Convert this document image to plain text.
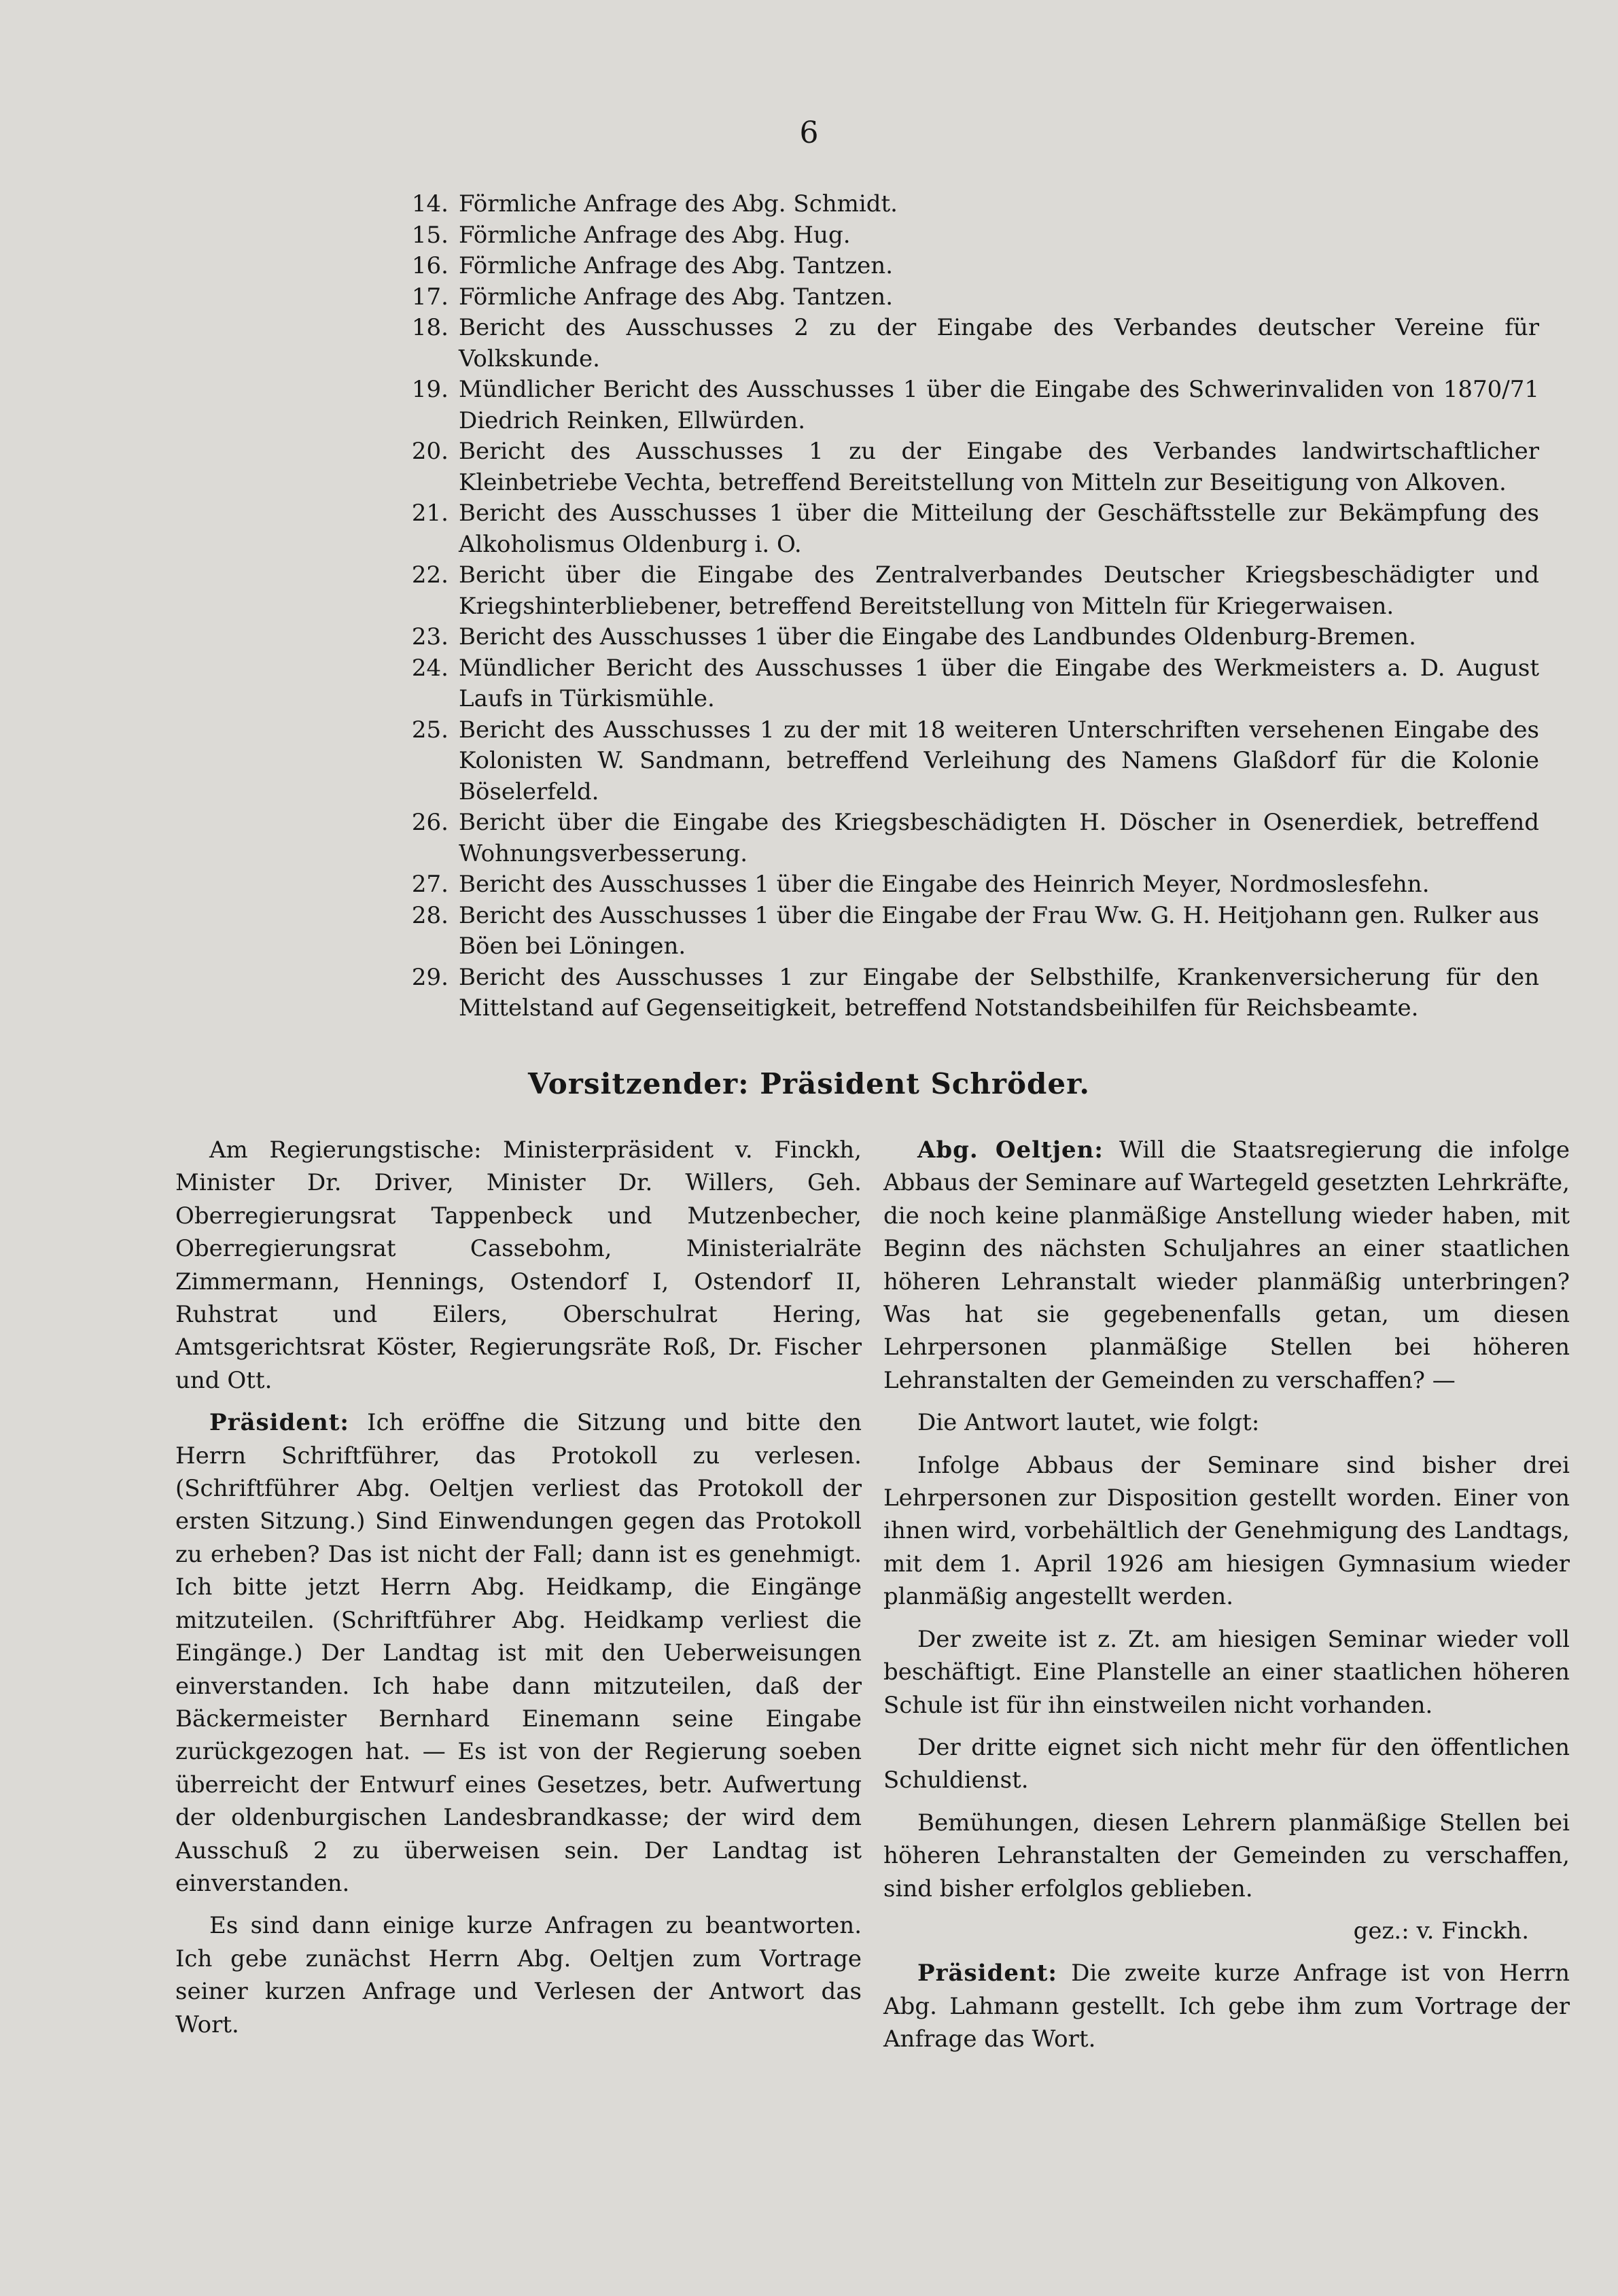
6
14. Förmliche Anfrage des Abg. Schmidt.
15. Förmliche Anfrage des Abg. Hug.
16. Förmliche Anfrage des Abg. Tantzen.
17. Förmliche Anfrage des Abg. Tantzen.
18. Bericht des Ausschusses 2 zu der Eingabe des Verbandes deutscher Vereine für Volkskunde.
19. Mündlicher Bericht des Ausschusses 1 über die Eingabe des Schwerinvaliden von 1870/71 Diedrich Reinken, Ellwürden.
20. Bericht des Ausschusses 1 zu der Eingabe des Verbandes landwirtschaftlicher Kleinbetriebe Vechta, betreffend Bereitstellung von Mitteln zur Beseitigung von Alkoven.
21. Bericht des Ausschusses 1 über die Mitteilung der Geschäftsstelle zur Bekämpfung des Alkoholismus Oldenburg i. O.
22. Bericht über die Eingabe des Zentralverbandes Deutscher Kriegsbeschädigter und Kriegshinterbliebener, betreffend Bereitstellung von Mitteln für Kriegerwaisen.
23. Bericht des Ausschusses 1 über die Eingabe des Landbundes Oldenburg-Bremen.
24. Mündlicher Bericht des Ausschusses 1 über die Eingabe des Werkmeisters a. D. August Laufs in Türkismühle.
25. Bericht des Ausschusses 1 zu der mit 18 weiteren Unterschriften versehenen Eingabe des Kolonisten W. Sandmann, betreffend Verleihung des Namens Glaßdorf für die Kolonie Böselerfeld.
26. Bericht über die Eingabe des Kriegsbeschädigten H. Döscher in Osenerdiek, betreffend Wohnungsverbesserung.
27. Bericht des Ausschusses 1 über die Eingabe des Heinrich Meyer, Nordmoslesfehn.
28. Bericht des Ausschusses 1 über die Eingabe der Frau Ww. G. H. Heitjohann gen. Rulker aus Böen bei Löningen.
29. Bericht des Ausschusses 1 zur Eingabe der Selbsthilfe, Krankenversicherung für den Mittelstand auf Gegenseitigkeit, betreffend Notstandsbeihilfen für Reichsbeamte.
Vorsitzender: Präsident Schröder.

Am Regierungstische: Ministerpräsident v. Finckh, Minister Dr. Driver, Minister Dr. Willers, Geh. Oberregierungsrat Tappenbeck und Mutzenbecher, Oberregierungsrat Cassebohm, Ministerialräte Zimmermann, Hennings, Ostendorf I, Ostendorf II, Ruhstrat und Eilers, Oberschulrat Hering, Amtsgerichtsrat Köster, Regierungsräte Roß, Dr. Fischer und Ott.

Präsident: Ich eröffne die Sitzung und bitte den Herrn Schriftführer, das Protokoll zu verlesen. (Schriftführer Abg. Oeltjen verliest das Protokoll der ersten Sitzung.) Sind Einwendungen gegen das Protokoll zu erheben? Das ist nicht der Fall; dann ist es genehmigt. Ich bitte jetzt Herrn Abg. Heidkamp, die Eingänge mitzuteilen. (Schriftführer Abg. Heidkamp verliest die Eingänge.) Der Landtag ist mit den Ueberweisungen einverstanden. Ich habe dann mitzuteilen, daß der Bäckermeister Bernhard Einemann seine Eingabe zurückgezogen hat. — Es ist von der Regierung soeben überreicht der Entwurf eines Gesetzes, betr. Aufwertung der oldenburgischen Landesbrandkasse; der wird dem Ausschuß 2 zu überweisen sein. Der Landtag ist einverstanden.

Es sind dann einige kurze Anfragen zu beantworten. Ich gebe zunächst Herrn Abg. Oeltjen zum Vortrage seiner kurzen Anfrage und Verlesen der Antwort das Wort.

Abg. Oeltjen: Will die Staatsregierung die infolge Abbaus der Seminare auf Wartegeld gesetzten Lehrkräfte, die noch keine planmäßige Anstellung wieder haben, mit Beginn des nächsten Schuljahres an einer staatlichen höheren Lehranstalt wieder planmäßig unterbringen? Was hat sie gegebenenfalls getan, um diesen Lehrpersonen planmäßige Stellen bei höheren Lehranstalten der Gemeinden zu verschaffen? —

Die Antwort lautet, wie folgt:

Infolge Abbaus der Seminare sind bisher drei Lehrpersonen zur Disposition gestellt worden. Einer von ihnen wird, vorbehältlich der Genehmigung des Landtags, mit dem 1. April 1926 am hiesigen Gymnasium wieder planmäßig angestellt werden.

Der zweite ist z. Zt. am hiesigen Seminar wieder voll beschäftigt. Eine Planstelle an einer staatlichen höheren Schule ist für ihn einstweilen nicht vorhanden.

Der dritte eignet sich nicht mehr für den öffentlichen Schuldienst.

Bemühungen, diesen Lehrern planmäßige Stellen bei höheren Lehranstalten der Gemeinden zu verschaffen, sind bisher erfolglos geblieben.

gez.: v. Finckh.

Präsident: Die zweite kurze Anfrage ist von Herrn Abg. Lahmann gestellt. Ich gebe ihm zum Vortrage der Anfrage das Wort.
